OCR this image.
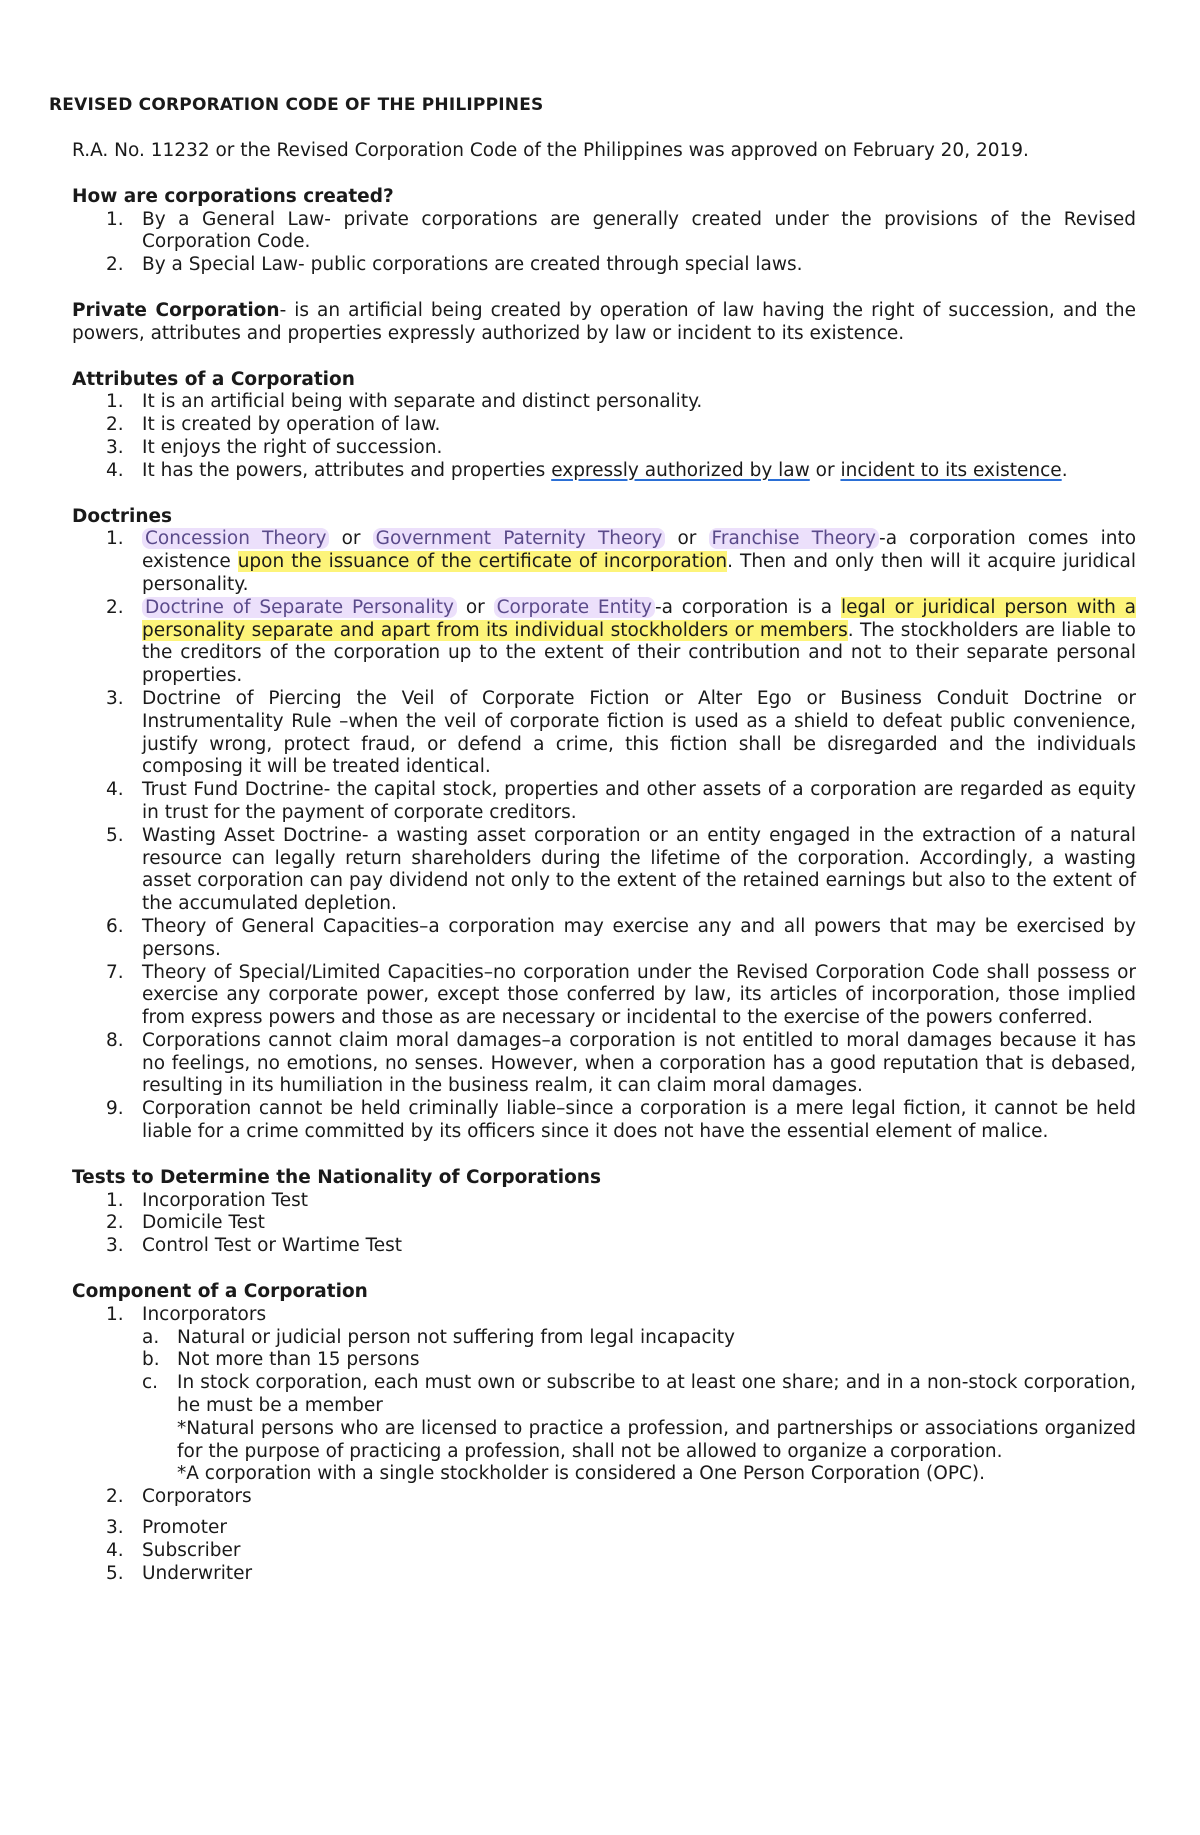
REVISED CORPORATION CODE OF THE PHILIPPINES

R.A. No. 11232 or the Revised Corporation Code of the Philippines was approved on February 20, 2019.

How are corporations created?

1. By a General Law- private corporations are generally created under the provisions of the Revised Corporation Code.
2. By a Special Law- public corporations are created through special laws.

Private Corporation- is an artificial being created by operation of law having the right of succession, and the powers, attributes and properties expressly authorized by law or incident to its existence.

Attributes of a Corporation

1. It is an artificial being with separate and distinct personality.
2. It is created by operation of law.
3. It enjoys the right of succession.
4. It has the powers, attributes and properties expressly authorized by law or incident to its existence.

Doctrines

1. Concession Theory or Government Paternity Theory or Franchise Theory -a corporation comes into existence upon the issuance of the certificate of incorporation. Then and only then will it acquire juridical personality.
2. Doctrine of Separate Personality or Corporate Entity -a corporation is a legal or juridical person with a personality separate and apart from its individual stockholders or members. The stockholders are liable to the creditors of the corporation up to the extent of their contribution and not to their separate personal properties.
3. Doctrine of Piercing the Veil of Corporate Fiction or Alter Ego or Business Conduit Doctrine or Instrumentality Rule –when the veil of corporate fiction is used as a shield to defeat public convenience, justify wrong, protect fraud, or defend a crime, this fiction shall be disregarded and the individuals composing it will be treated identical.
4. Trust Fund Doctrine- the capital stock, properties and other assets of a corporation are regarded as equity in trust for the payment of corporate creditors.
5. Wasting Asset Doctrine- a wasting asset corporation or an entity engaged in the extraction of a natural resource can legally return shareholders during the lifetime of the corporation. Accordingly, a wasting asset corporation can pay dividend not only to the extent of the retained earnings but also to the extent of the accumulated depletion.
6. Theory of General Capacities–a corporation may exercise any and all powers that may be exercised by persons.
7. Theory of Special/Limited Capacities–no corporation under the Revised Corporation Code shall possess or exercise any corporate power, except those conferred by law, its articles of incorporation, those implied from express powers and those as are necessary or incidental to the exercise of the powers conferred.
8. Corporations cannot claim moral damages–a corporation is not entitled to moral damages because it has no feelings, no emotions, no senses. However, when a corporation has a good reputation that is debased, resulting in its humiliation in the business realm, it can claim moral damages.
9. Corporation cannot be held criminally liable–since a corporation is a mere legal fiction, it cannot be held liable for a crime committed by its officers since it does not have the essential element of malice.

Tests to Determine the Nationality of Corporations

1. Incorporation Test
2. Domicile Test
3. Control Test or Wartime Test

Component of a Corporation

1. Incorporators
a. Natural or judicial person not suffering from legal incapacity
b. Not more than 15 persons
c. In stock corporation, each must own or subscribe to at least one share; and in a non-stock corporation, he must be a member

*Natural persons who are licensed to practice a profession, and partnerships or associations organized for the purpose of practicing a profession, shall not be allowed to organize a corporation.

*A corporation with a single stockholder is considered a One Person Corporation (OPC).

2. Corporators
3. Promoter
4. Subscriber
5. Underwriter
